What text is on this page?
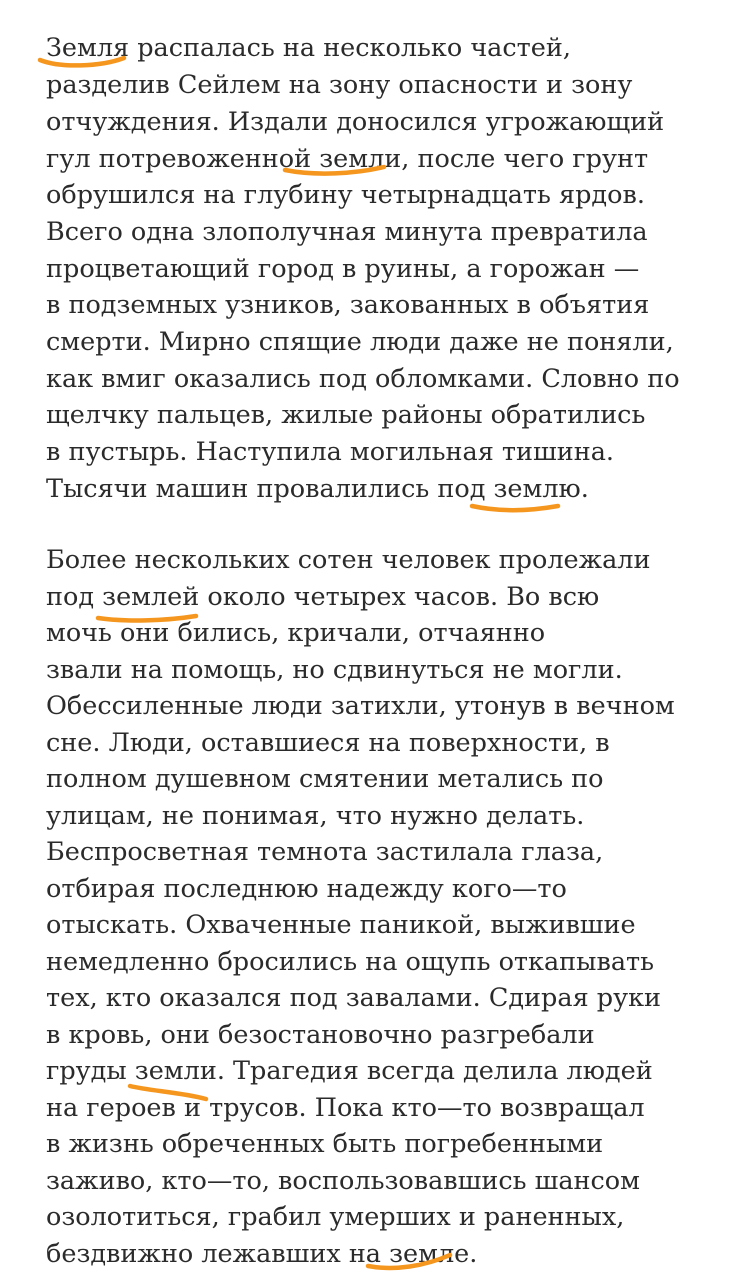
Земля распалась на несколько частей,
разделив Сейлем на зону опасности и зону
отчуждения. Издали доносился угрожающий
гул потревоженной земли, после чего грунт
обрушился на глубину четырнадцать ярдов.
Всего одна злополучная минута превратила
процветающий город в руины, а горожан —
в подземных узников, закованных в объятия
смерти. Мирно спящие люди даже не поняли,
как вмиг оказались под обломками. Словно по
щелчку пальцев, жилые районы обратились
в пустырь. Наступила могильная тишина.
Тысячи машин провалились под землю.
Более нескольких сотен человек пролежали
под землей около четырех часов. Во всю
мочь они бились, кричали, отчаянно
звали на помощь, но сдвинуться не могли.
Обессиленные люди затихли, утонув в вечном
сне. Люди, оставшиеся на поверхности, в
полном душевном смятении метались по
улицам, не понимая, что нужно делать.
Беспросветная темнота застилала глаза,
отбирая последнюю надежду кого—то
отыскать. Охваченные паникой, выжившие
немедленно бросились на ощупь откапывать
тех, кто оказался под завалами. Сдирая руки
в кровь, они безостановочно разгребали
груды земли. Трагедия всегда делила людей
на героев и трусов. Пока кто—то возвращал
в жизнь обреченных быть погребенными
заживо, кто—то, воспользовавшись шансом
озолотиться, грабил умерших и раненных,
бездвижно лежавших на земле.
